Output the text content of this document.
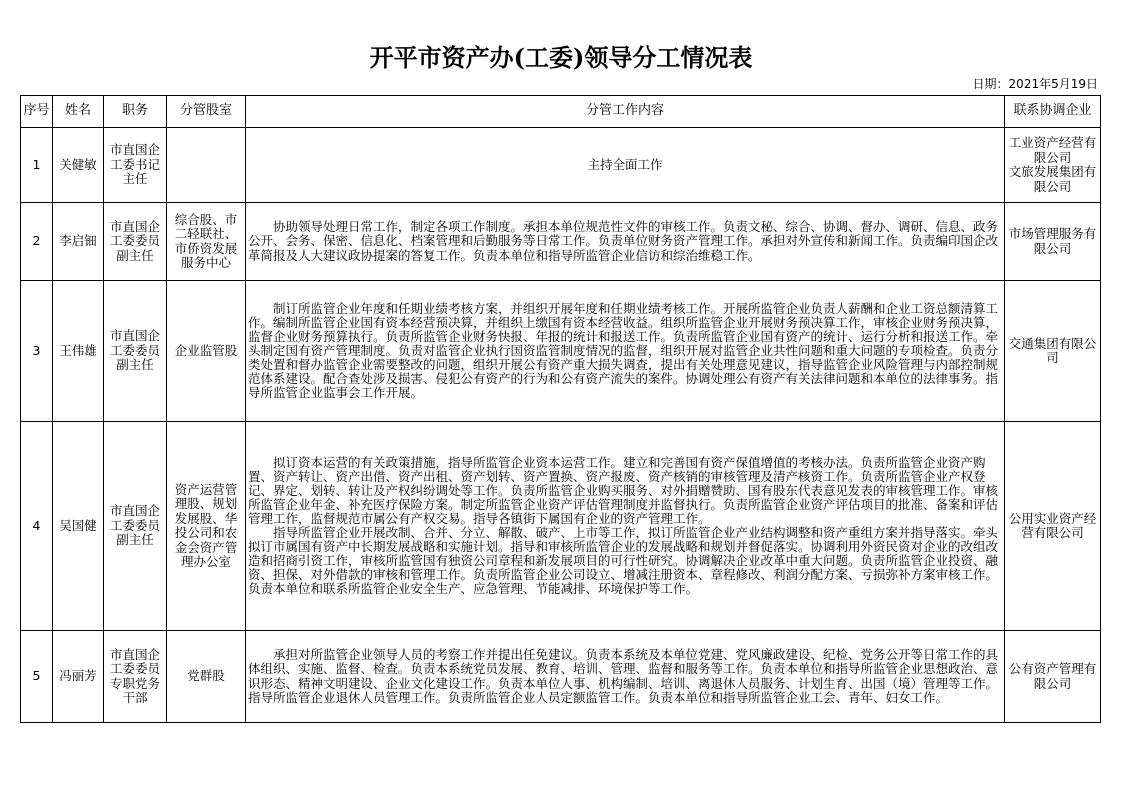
开平市资产办(工委)领导分工情况表
日期：2021年5月19日
序号	姓名	职务	分管股室	分管工作内容	联系协调企业
1	关健敏	市直国企工委书记主任		主持全面工作	工业资产经营有限公司
文旅发展集团有限公司

2	李启钿	市直国企工委委员副主任	综合股、市二轻联社、市侨资发展服务中心	协助领导处理日常工作，制定各项工作制度。承担本单位规范性文件的审核工作。负责文秘、综合、协调、督办、调研、信息、政务公开、会务、保密、信息化、档案管理和后勤服务等日常工作。负责单位财务资产管理工作。承担对外宣传和新闻工作。负责编印国企改革简报及人大建议政协提案的答复工作。负责本单位和指导所监管企业信访和综治维稳工作。	市场管理服务有限公司
3	王伟雄	市直国企工委委员副主任	企业监管股	制订所监管企业年度和任期业绩考核方案，并组织开展年度和任期业绩考核工作。开展所监管企业负责人薪酬和企业工资总额清算工作。编制所监管企业国有资本经营预决算，并组织上缴国有资本经营收益。组织所监管企业开展财务预决算工作，审核企业财务预决算，监督企业财务预算执行。负责所监管企业财务快报、年报的统计和报送工作。负责所监管企业国有资产的统计、运行分析和报送工作。牵头制定国有资产管理制度。负责对监管企业执行国资监管制度情况的监督，组织开展对监管企业共性问题和重大问题的专项检查。负责分类处置和督办监管企业需要整改的问题，组织开展公有资产重大损失调查，提出有关处理意见建议，指导监管企业风险管理与内部控制规范体系建设。配合查处涉及损害、侵犯公有资产的行为和公有资产流失的案件。协调处理公有资产有关法律问题和本单位的法律事务。指导所监管企业监事会工作开展。	交通集团有限公司
4	吴国健	市直国企工委委员副主任	资产运营管理股、规划发展股、华投公司和农金会资产管理办公室	拟订资本运营的有关政策措施，指导所监管企业资本运营工作。建立和完善国有资产保值增值的考核办法。负责所监管企业资产购置、资产转让、资产出借、资产出租、资产划转、资产置换、资产报废、资产核销的审核管理及清产核资工作。负责所监管企业产权登记、界定、划转、转让及产权纠纷调处等工作。负责所监管企业购买服务、对外捐赠赞助、国有股东代表意见发表的审核管理工作。审核所监管企业年金、补充医疗保险方案。制定所监管企业资产评估管理制度并监督执行。负责所监管企业资产评估项目的批准、备案和评估管理工作，监督规范市属公有产权交易。指导各镇街下属国有企业的资产管理工作。

指导所监管企业开展改制、合并、分立、解散、破产、上市等工作，拟订所监管企业产业结构调整和资产重组方案并指导落实。牵头拟订市属国有资产中长期发展战略和实施计划。指导和审核所监管企业的发展战略和规划并督促落实。协调利用外资民资对企业的改组改造和招商引资工作，审核所监管国有独资公司章程和新发展项目的可行性研究。协调解决企业改革中重大问题。负责所监管企业投资、融资、担保、对外借款的审核和管理工作。负责所监管企业公司设立、增减注册资本、章程修改、利润分配方案、亏损弥补方案审核工作。负责本单位和联系所监管企业安全生产、应急管理、节能减排、环境保护等工作。	公用实业资产经营有限公司
5	冯丽芳	市直国企工委委员专职党务干部	党群股	承担对所监管企业领导人员的考察工作并提出任免建议。负责本系统及本单位党建、党风廉政建设、纪检、党务公开等日常工作的具体组织、实施、监督、检查。负责本系统党员发展、教育、培训、管理、监督和服务等工作。负责本单位和指导所监管企业思想政治、意识形态、精神文明建设、企业文化建设工作。负责本单位人事、机构编制、培训、离退休人员服务、计划生育、出国（境）管理等工作。指导所监管企业退休人员管理工作。负责所监管企业人员定额监管工作。负责本单位和指导所监管企业工会、青年、妇女工作。	公有资产管理有限公司
